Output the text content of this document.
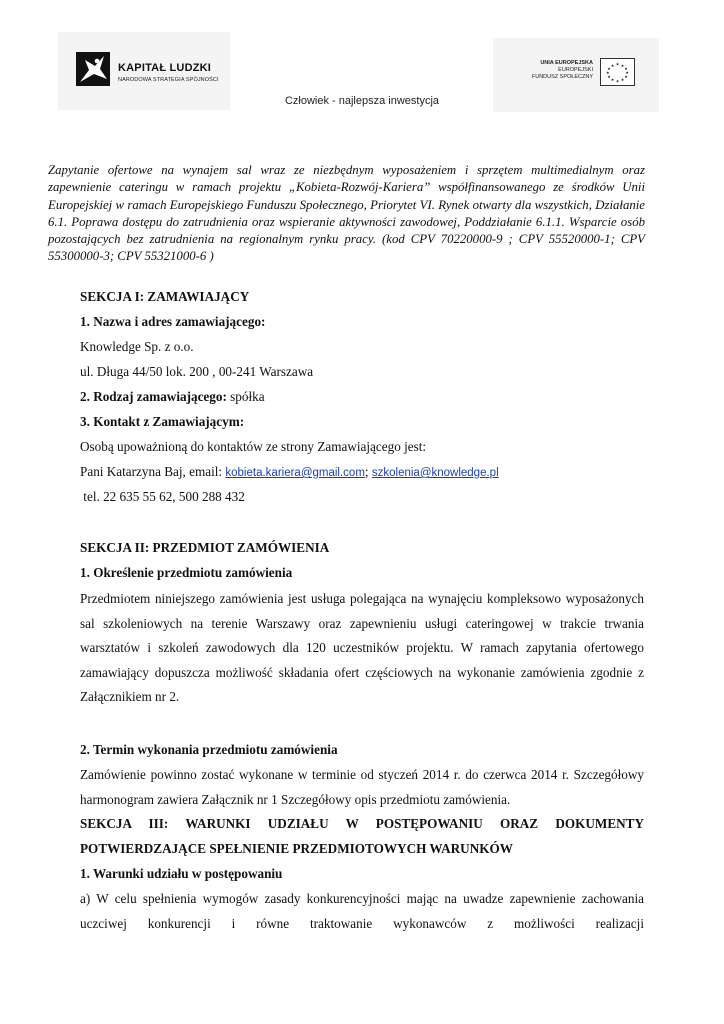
KAPITAŁ LUDZKI
NARODOWA STRATEGIA SPÓJNOŚCI
UNIA EUROPEJSKA
EUROPEJSKI
FUNDUSZ SPOŁECZNY
★ ★
★
★
★
★
★
★
★
★
★
★
Człowiek - najlepsza inwestycja

Zapytanie ofertowe na wynajem sal wraz ze niezbędnym wyposażeniem i sprzętem multimedialnym oraz zapewnienie cateringu w ramach projektu „Kobieta-Rozwój-Kariera” współfinansowanego ze środków Unii Europejskiej w ramach Europejskiego Funduszu Społecznego, Priorytet VI. Rynek otwarty dla wszystkich, Działanie 6.1. Poprawa dostępu do zatrudnienia oraz wspieranie aktywności zawodowej, Poddziałanie 6.1.1. Wsparcie osób pozostających bez zatrudnienia na regionalnym rynku pracy. (kod CPV 70220000-9 ; CPV 55520000-1; CPV 55300000-3; CPV 55321000-6 )

SEKCJA I: ZAMAWIAJĄCY

1. Nazwa i adres zamawiającego:

Knowledge Sp. z o.o.

ul. Długa 44/50 lok. 200 , 00-241 Warszawa

2. Rodzaj zamawiającego: spółka

3. Kontakt z Zamawiającym:

Osobą upoważnioną do kontaktów ze strony Zamawiającego jest:

Pani Katarzyna Baj, email: kobieta.kariera@gmail.com; szkolenia@knowledge.pl

tel. 22 635 55 62, 500 288 432

SEKCJA II: PRZEDMIOT ZAMÓWIENIA

1. Określenie przedmiotu zamówienia

Przedmiotem niniejszego zamówienia jest usługa polegająca na wynajęciu kompleksowo wyposażonych sal szkoleniowych na terenie Warszawy oraz zapewnieniu usługi cateringowej w trakcie trwania warsztatów i szkoleń zawodowych dla 120 uczestników projektu. W ramach zapytania ofertowego zamawiający dopuszcza możliwość składania ofert częściowych na wykonanie zamówienia zgodnie z Załącznikiem nr 2.

2. Termin wykonania przedmiotu zamówienia

Zamówienie powinno zostać wykonane w terminie od styczeń 2014 r. do czerwca 2014 r. Szczegółowy harmonogram zawiera Załącznik nr 1 Szczegółowy opis przedmiotu zamówienia.

SEKCJA III: WARUNKI UDZIAŁU W POSTĘPOWANIU ORAZ DOKUMENTY POTWIERDZAJĄCE SPEŁNIENIE PRZEDMIOTOWYCH WARUNKÓW

1. Warunki udziału w postępowaniu

a) W celu spełnienia wymogów zasady konkurencyjności mając na uwadze zapewnienie zachowania uczciwej konkurencji i równe traktowanie wykonawców z możliwości realizacji
